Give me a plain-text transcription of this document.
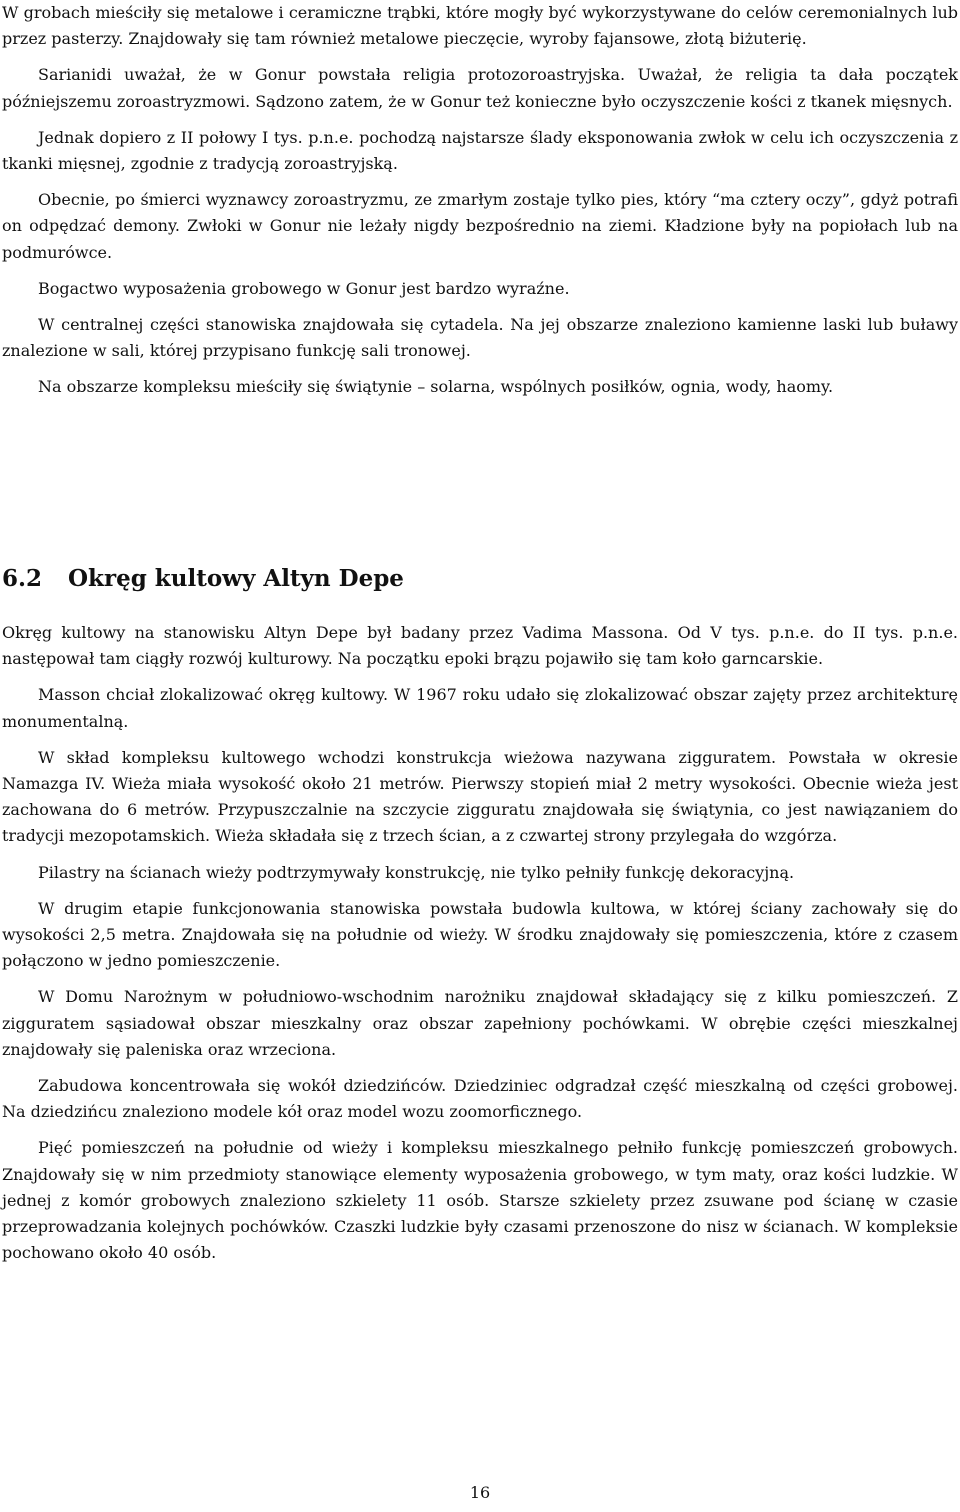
W grobach mieściły się metalowe i ceramiczne trąbki, które mogły być wykorzystywane do celów ceremonialnych lub przez pasterzy. Znajdowały się tam również metalowe pieczęcie, wyroby fajansowe, złotą biżuterię.

Sarianidi uważał, że w Gonur powstała religia protozoroastryjska. Uważał, że religia ta dała początek późniejszemu zoroastryzmowi. Sądzono zatem, że w Gonur też konieczne było oczyszczenie kości z tkanek mięsnych.

Jednak dopiero z II połowy I tys. p.n.e. pochodzą najstarsze ślady eksponowania zwłok w celu ich oczyszczenia z tkanki mięsnej, zgodnie z tradycją zoroastryjską.

Obecnie, po śmierci wyznawcy zoroastryzmu, ze zmarłym zostaje tylko pies, który “ma cztery oczy”, gdyż potrafi on odpędzać demony. Zwłoki w Gonur nie leżały nigdy bezpośrednio na ziemi. Kładzione były na popiołach lub na podmurówce.

Bogactwo wyposażenia grobowego w Gonur jest bardzo wyraźne.

W centralnej części stanowiska znajdowała się cytadela. Na jej obszarze znaleziono kamienne laski lub buławy znalezione w sali, której przypisano funkcję sali tronowej.

Na obszarze kompleksu mieściły się świątynie – solarna, wspólnych posiłków, ognia, wody, haomy.

6.2 Okręg kultowy Altyn Depe

Okręg kultowy na stanowisku Altyn Depe był badany przez Vadima Massona. Od V tys. p.n.e. do II tys. p.n.e. następował tam ciągły rozwój kulturowy. Na początku epoki brązu pojawiło się tam koło garncarskie.

Masson chciał zlokalizować okręg kultowy. W 1967 roku udało się zlokalizować obszar zajęty przez architekturę monumentalną.

W skład kompleksu kultowego wchodzi konstrukcja wieżowa nazywana zigguratem. Powstała w okresie Namazga IV. Wieża miała wysokość około 21 metrów. Pierwszy stopień miał 2 metry wysokości. Obecnie wieża jest zachowana do 6 metrów. Przypuszczalnie na szczycie zigguratu znajdowała się świątynia, co jest nawiązaniem do tradycji mezopotamskich. Wieża składała się z trzech ścian, a z czwartej strony przylegała do wzgórza.

Pilastry na ścianach wieży podtrzymywały konstrukcję, nie tylko pełniły funkcję dekoracyjną.

W drugim etapie funkcjonowania stanowiska powstała budowla kultowa, w której ściany zachowały się do wysokości 2,5 metra. Znajdowała się na południe od wieży. W środku znajdowały się pomieszczenia, które z czasem połączono w jedno pomieszczenie.

W Domu Narożnym w południowo-wschodnim narożniku znajdował składający się z kilku pomieszczeń. Z zigguratem sąsiadował obszar mieszkalny oraz obszar zapełniony pochówkami. W obrębie części mieszkalnej znajdowały się paleniska oraz wrzeciona.

Zabudowa koncentrowała się wokół dziedzińców. Dziedziniec odgradzał część mieszkalną od części grobowej. Na dziedzińcu znaleziono modele kół oraz model wozu zoomorficznego.

Pięć pomieszczeń na południe od wieży i kompleksu mieszkalnego pełniło funkcję pomieszczeń grobowych. Znajdowały się w nim przedmioty stanowiące elementy wyposażenia grobowego, w tym maty, oraz kości ludzkie. W jednej z komór grobowych znaleziono szkielety 11 osób. Starsze szkielety przez zsuwane pod ścianę w czasie przeprowadzania kolejnych pochówków. Czaszki ludzkie były czasami przenoszone do nisz w ścianach. W kompleksie pochowano około 40 osób.

16
